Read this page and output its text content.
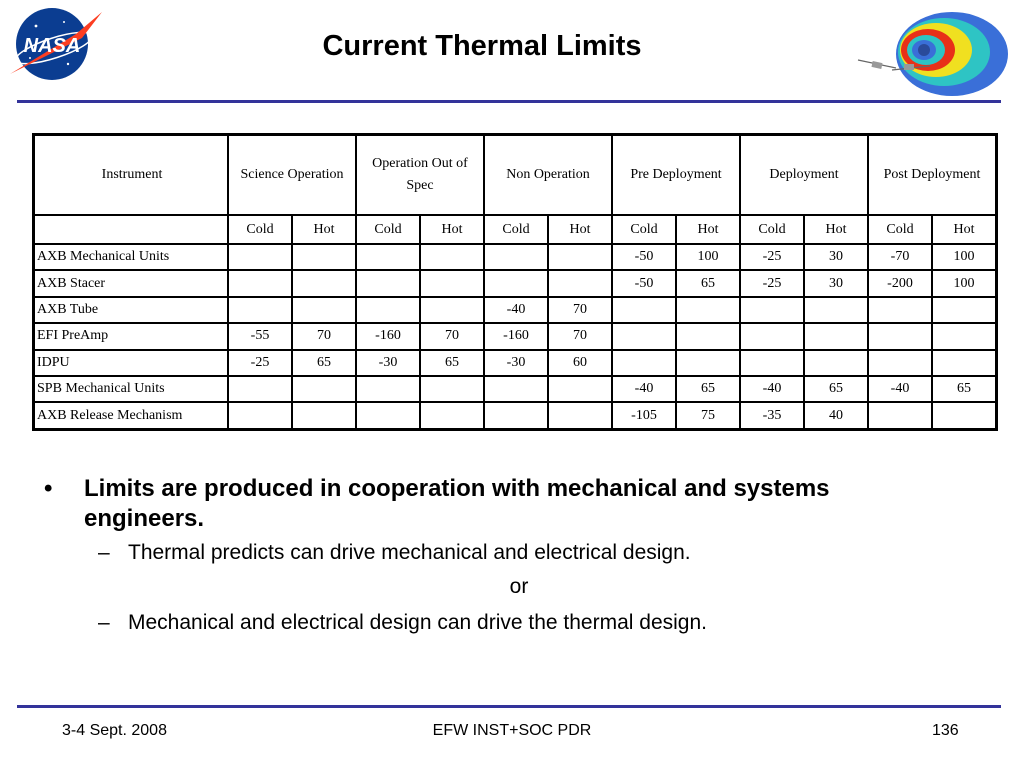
NASA	Current Thermal Limits
Instrument	Science Operation		Operation Out of Spec		Non Operation		Pre Deployment		Deployment		Post Deployment	
	Cold	Hot	Cold	Hot	Cold	Hot	Cold	Hot	Cold	Hot	Cold	Hot
AXB Mechanical Units							-50	100	-25	30	-70	100
AXB Stacer							-50	65	-25	30	-200	100
AXB Tube					-40	70						
EFI PreAmp	-55	70	-160	70	-160	70						
IDPU	-25	65	-30	65	-30	60						
SPB Mechanical Units							-40	65	-40	65	-40	65
AXB Release Mechanism							-105	75	-35	40		
• Limits are produced in cooperation with mechanical and systems engineers.
– Thermal predicts can drive mechanical and electrical design.
or
– Mechanical and electrical design can drive the thermal design.
3-4 Sept. 2008	EFW INST+SOC PDR	136
